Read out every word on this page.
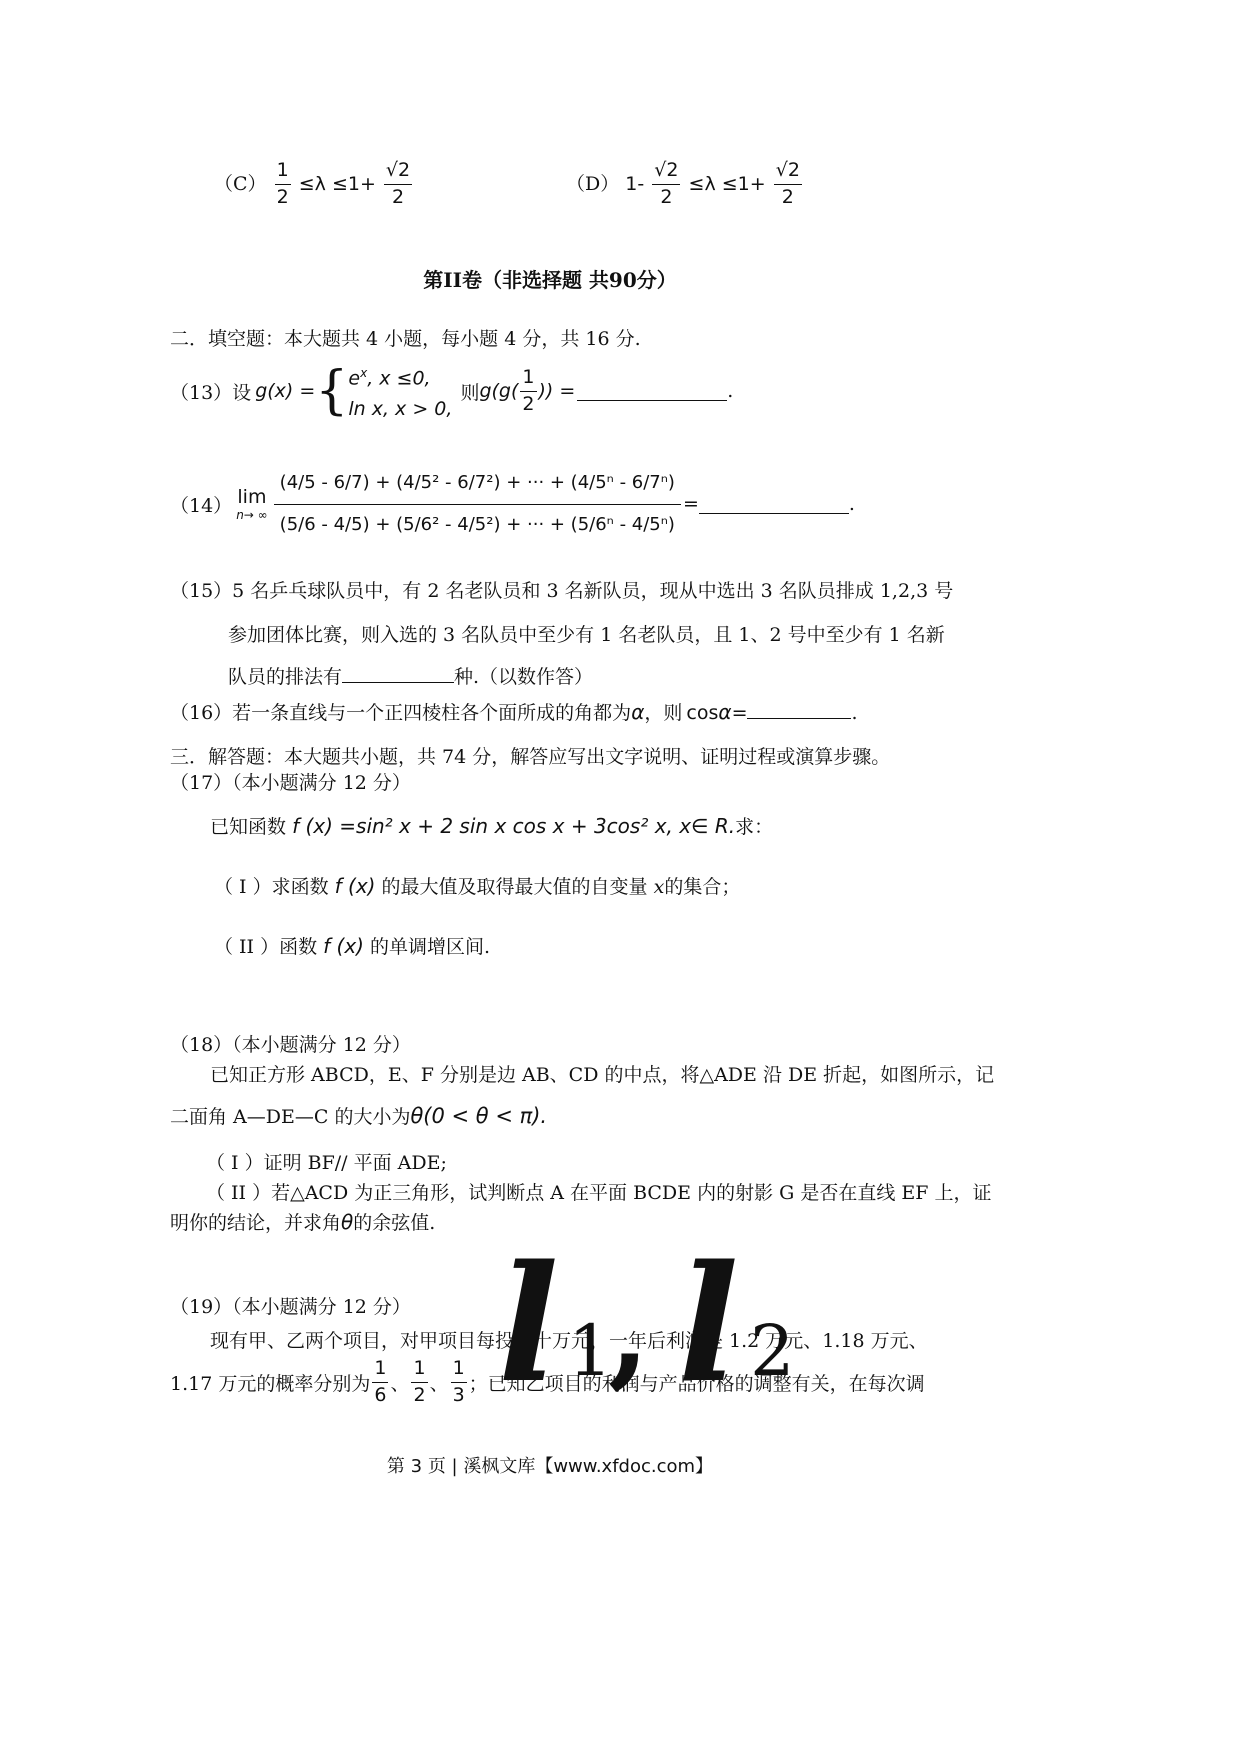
$(C) \frac{1}{2} \le\lambda \le 1+ \frac{√2}{2}$	（D） $1- \frac{√2}{2} \le\lambda \le 1+ \frac{√2}{2}$
第II卷（非选择题 共90分）
二．填空题：本大题共 4 小题，每小题 4 分，共 16 分.
（13）设 g(x) = { $e^x$, x ≤0,
ln x, x > 0,
则 $g(g( \frac{1}{2}$ )) =	.
（14） lim
n→ ∞ $\frac{\text{(4/5 - 6/7) + (4/5² - 6/7²) + ··· + (4/5ⁿ - 6/7ⁿ)}}{\text{(5/6 - 4/5) + (5/6² - 4/5²) + ··· + (5/6ⁿ - 4/5ⁿ)}}$ =	.
（15）5 名乒乓球队员中，有 2 名老队员和 3 名新队员，现从中选出 3 名队员排成 1,2,3 号
参加团体比赛，则入选的 3 名队员中至少有 1 名老队员，且 1、2 号中至少有 1 名新
队员的排法有	种.（以数作答）
（16）若一条直线与一个正四棱柱各个面所成的角都为α，则 cosα=	.
三．解答题：本大题共小题，共 74 分，解答应写出文字说明、证明过程或演算步骤。
（17）（本小题满分 12 分）
已知函数 f (x) =sin² x + 2 sin x cos x + 3cos² x, x∈ R.求：
（ I ）求函数 f (x) 的最大值及取得最大值的自变量 x的集合；
（ II ）函数 f (x) 的单调增区间.
（18）（本小题满分 12 分）
已知正方形 ABCD，E、F 分别是边 AB、CD 的中点，将△ADE 沿 DE 折起，如图所示，记
二面角 A—DE—C 的大小为θ(0 < θ < π).
（ I ）证明 BF// 平面 ADE;
（ II ）若△ACD 为正三角形，试判断点 A 在平面 BCDE 内的射影 G 是否在直线 EF 上，证
明你的结论，并求角θ的余弦值.
（19）（本小题满分 12 分）
现有甲、乙两个项目，对甲项目每投资十万元，一年后利润是 1.2 万元、1.18 万元、
1.17 万元的概率分别为 $\frac{1}{6}$ 、 $\frac{1}{2}$ 、 $\frac{1}{3}$ ；已知乙项目的利润与产品价格的调整有关，在每次调
l 1
, l 2
第 3 页 | 溪枫文库【www.xfdoc.com】
